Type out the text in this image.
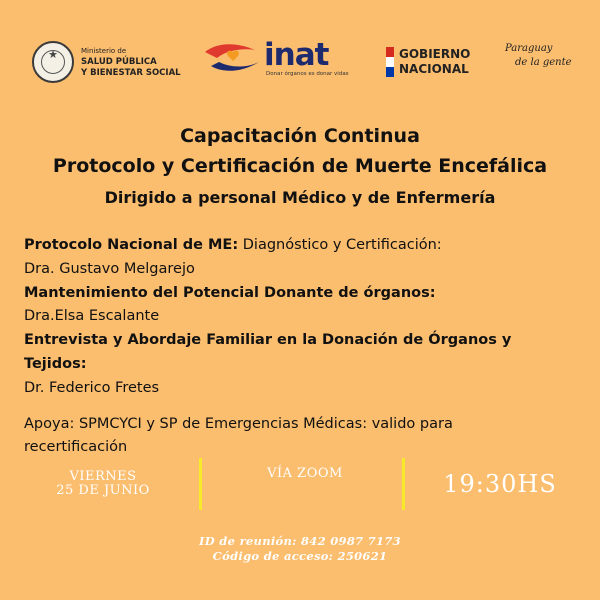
★	Ministerio de
SALUD PÚBLICA
Y BIENESTAR SOCIAL	inat
Donar órganos es donar vidas
GOBIERNO
NACIONAL
Paraguay
de la gente
Capacitación Continua
Protocolo y Certificación de Muerte Encefálica
Dirigido a personal Médico y de Enfermería
Protocolo Nacional de ME: Diagnóstico y Certificación:
Dra. Gustavo Melgarejo
Mantenimiento del Potencial Donante de órganos:
Dra.Elsa Escalante
Entrevista y Abordaje Familiar en la Donación de Órganos y
Tejidos:
Dr. Federico Fretes
Apoya: SPMCYCI y SP de Emergencias Médicas: valido para
recertificación
VIERNES
25 DE JUNIO
VÍA ZOOM	19:30HS
ID de reunión: 842 0987 7173
Código de acceso: 250621
